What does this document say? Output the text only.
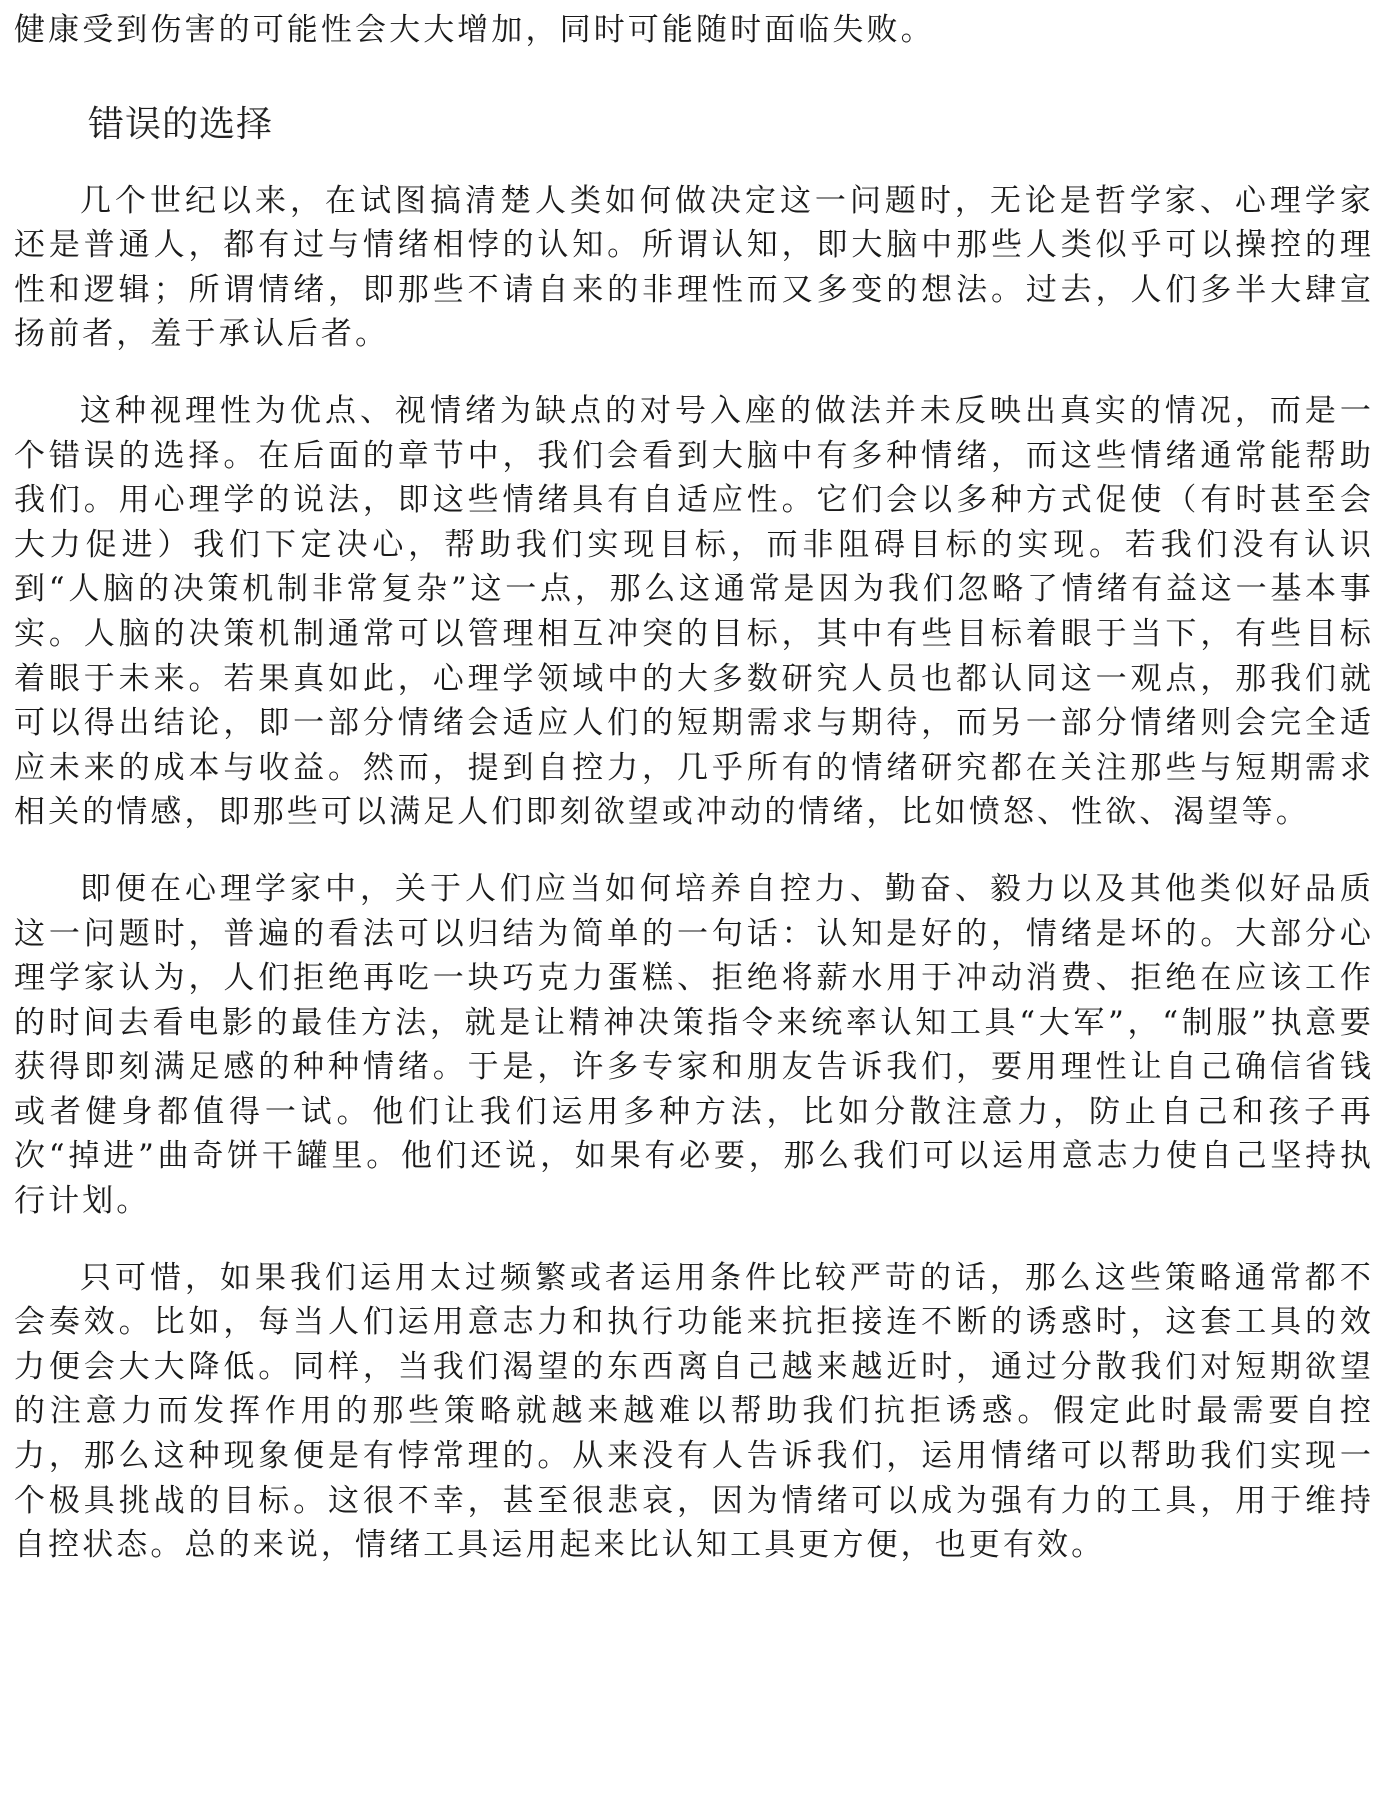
健康受到伤害的可能性会大大增加，同时可能随时面临失败。

错误的选择

几个世纪以来，在试图搞清楚人类如何做决定这一问题时，无论是哲学家、心理学家还是普通人，都有过与情绪相悖的认知。所谓认知，即大脑中那些人类似乎可以操控的理性和逻辑；所谓情绪，即那些不请自来的非理性而又多变的想法。过去，人们多半大肆宣扬前者，羞于承认后者。

这种视理性为优点、视情绪为缺点的对号入座的做法并未反映出真实的情况，而是一个错误的选择。在后面的章节中，我们会看到大脑中有多种情绪，而这些情绪通常能帮助我们。用心理学的说法，即这些情绪具有自适应性。它们会以多种方式促使（有时甚至会大力促进）我们下定决心，帮助我们实现目标，而非阻碍目标的实现。若我们没有认识到“人脑的决策机制非常复杂”这一点，那么这通常是因为我们忽略了情绪有益这一基本事实。人脑的决策机制通常可以管理相互冲突的目标，其中有些目标着眼于当下，有些目标着眼于未来。若果真如此，心理学领域中的大多数研究人员也都认同这一观点，那我们就可以得出结论，即一部分情绪会适应人们的短期需求与期待，而另一部分情绪则会完全适应未来的成本与收益。然而，提到自控力，几乎所有的情绪研究都在关注那些与短期需求相关的情感，即那些可以满足人们即刻欲望或冲动的情绪，比如愤怒、性欲、渴望等。

即便在心理学家中，关于人们应当如何培养自控力、勤奋、毅力以及其他类似好品质这一问题时，普遍的看法可以归结为简单的一句话：认知是好的，情绪是坏的。大部分心理学家认为，人们拒绝再吃一块巧克力蛋糕、拒绝将薪水用于冲动消费、拒绝在应该工作的时间去看电影的最佳方法，就是让精神决策指令来统率认知工具“大军”，“制服”执意要获得即刻满足感的种种情绪。于是，许多专家和朋友告诉我们，要用理性让自己确信省钱或者健身都值得一试。他们让我们运用多种方法，比如分散注意力，防止自己和孩子再次“掉进”曲奇饼干罐里。他们还说，如果有必要，那么我们可以运用意志力使自己坚持执行计划。

只可惜，如果我们运用太过频繁或者运用条件比较严苛的话，那么这些策略通常都不会奏效。比如，每当人们运用意志力和执行功能来抗拒接连不断的诱惑时，这套工具的效力便会大大降低。同样，当我们渴望的东西离自己越来越近时，通过分散我们对短期欲望的注意力而发挥作用的那些策略就越来越难以帮助我们抗拒诱惑。假定此时最需要自控力，那么这种现象便是有悖常理的。从来没有人告诉我们，运用情绪可以帮助我们实现一个极具挑战的目标。这很不幸，甚至很悲哀，因为情绪可以成为强有力的工具，用于维持自控状态。总的来说，情绪工具运用起来比认知工具更方便，也更有效。
